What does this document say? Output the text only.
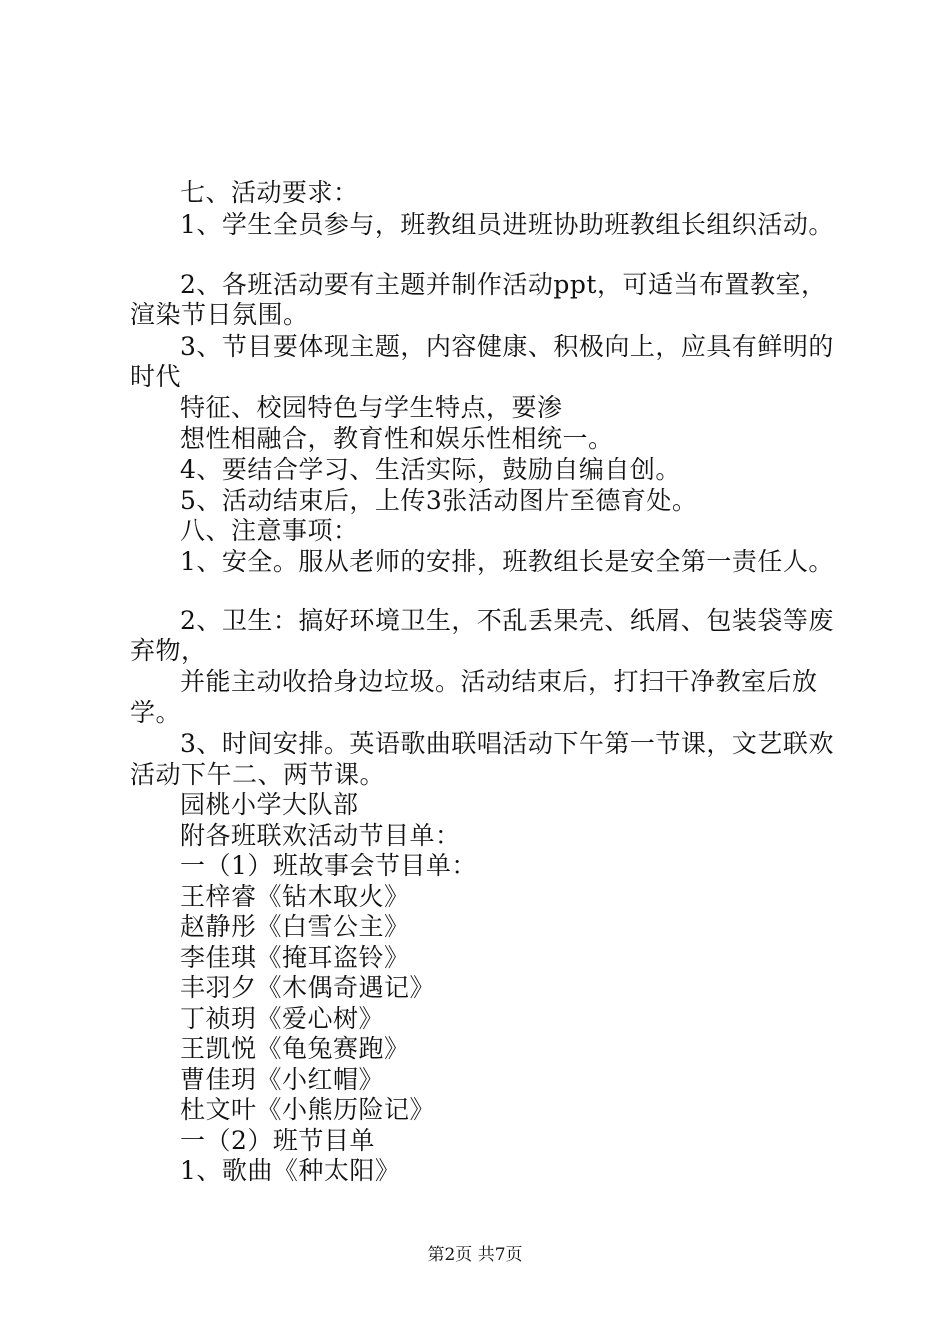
七、活动要求：
1、学生全员参与，班教组员进班协助班教组长组织活动。
2、各班活动要有主题并制作活动ppt，可适当布置教室，
渲染节日氛围。
3、节目要体现主题，内容健康、积极向上，应具有鲜明的
时代
特征、校园特色与学生特点，要渗
想性相融合，教育性和娱乐性相统一。
4、要结合学习、生活实际，鼓励自编自创。
5、活动结束后，上传3张活动图片至德育处。
八、注意事项：
1、安全。服从老师的安排，班教组长是安全第一责任人。
2、卫生：搞好环境卫生，不乱丢果壳、纸屑、包装袋等废
弃物，
并能主动收拾身边垃圾。活动结束后，打扫干净教室后放
学。
3、时间安排。英语歌曲联唱活动下午第一节课，文艺联欢
活动下午二、两节课。
园桃小学大队部
附各班联欢活动节目单：
一（1）班故事会节目单：
王梓睿《钻木取火》
赵静彤《白雪公主》
李佳琪《掩耳盗铃》
丰羽夕《木偶奇遇记》
丁祯玥《爱心树》
王凯悦《龟兔赛跑》
曹佳玥《小红帽》
杜文叶《小熊历险记》
一（2）班节目单
1、歌曲《种太阳》
第2页 共7页
